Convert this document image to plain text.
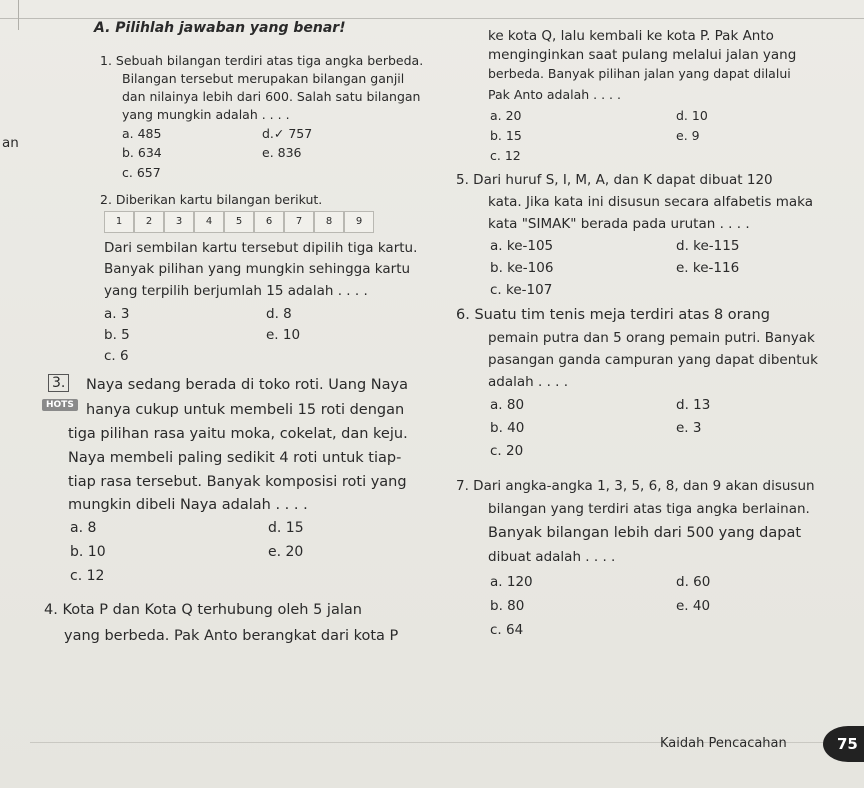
A. Pilihlah jawaban yang benar!
an
1. Sebuah bilangan terdiri atas tiga angka berbeda.
Bilangan tersebut merupakan bilangan ganjil
dan nilainya lebih dari 600. Salah satu bilangan
yang mungkin adalah . . . .
a. 485
b. 634
c. 657
d.✓ 757
e. 836
2. Diberikan kartu bilangan berikut.
1	2	3	4	5	6	7	8	9
Dari sembilan kartu tersebut dipilih tiga kartu.
Banyak pilihan yang mungkin sehingga kartu
yang terpilih berjumlah 15 adalah . . . .
a. 3
b. 5
c. 6
d. 8
e. 10
3.
HOTS
Naya sedang berada di toko roti. Uang Naya
hanya cukup untuk membeli 15 roti dengan
tiga pilihan rasa yaitu moka, cokelat, dan keju.
Naya membeli paling sedikit 4 roti untuk tiap-
tiap rasa tersebut. Banyak komposisi roti yang
mungkin dibeli Naya adalah . . . .
a. 8
b. 10
c. 12
d. 15
e. 20
4. Kota P dan Kota Q terhubung oleh 5 jalan
yang berbeda. Pak Anto berangkat dari kota P
ke kota Q, lalu kembali ke kota P. Pak Anto
menginginkan saat pulang melalui jalan yang
berbeda. Banyak pilihan jalan yang dapat dilalui
Pak Anto adalah . . . .
a. 20
b. 15
c. 12
d. 10
e. 9
5. Dari huruf S, I, M, A, dan K dapat dibuat 120
kata. Jika kata ini disusun secara alfabetis maka
kata "SIMAK" berada pada urutan . . . .
a. ke-105
b. ke-106
c. ke-107
d. ke-115
e. ke-116
6. Suatu tim tenis meja terdiri atas 8 orang
pemain putra dan 5 orang pemain putri. Banyak
pasangan ganda campuran yang dapat dibentuk
adalah . . . .
a. 80
b. 40
c. 20
d. 13
e. 3
7. Dari angka-angka 1, 3, 5, 6, 8, dan 9 akan disusun
bilangan yang terdiri atas tiga angka berlainan.
Banyak bilangan lebih dari 500 yang dapat
dibuat adalah . . . .
a. 120
b. 80
c. 64
d. 60
e. 40
Kaidah Pencacahan	75
